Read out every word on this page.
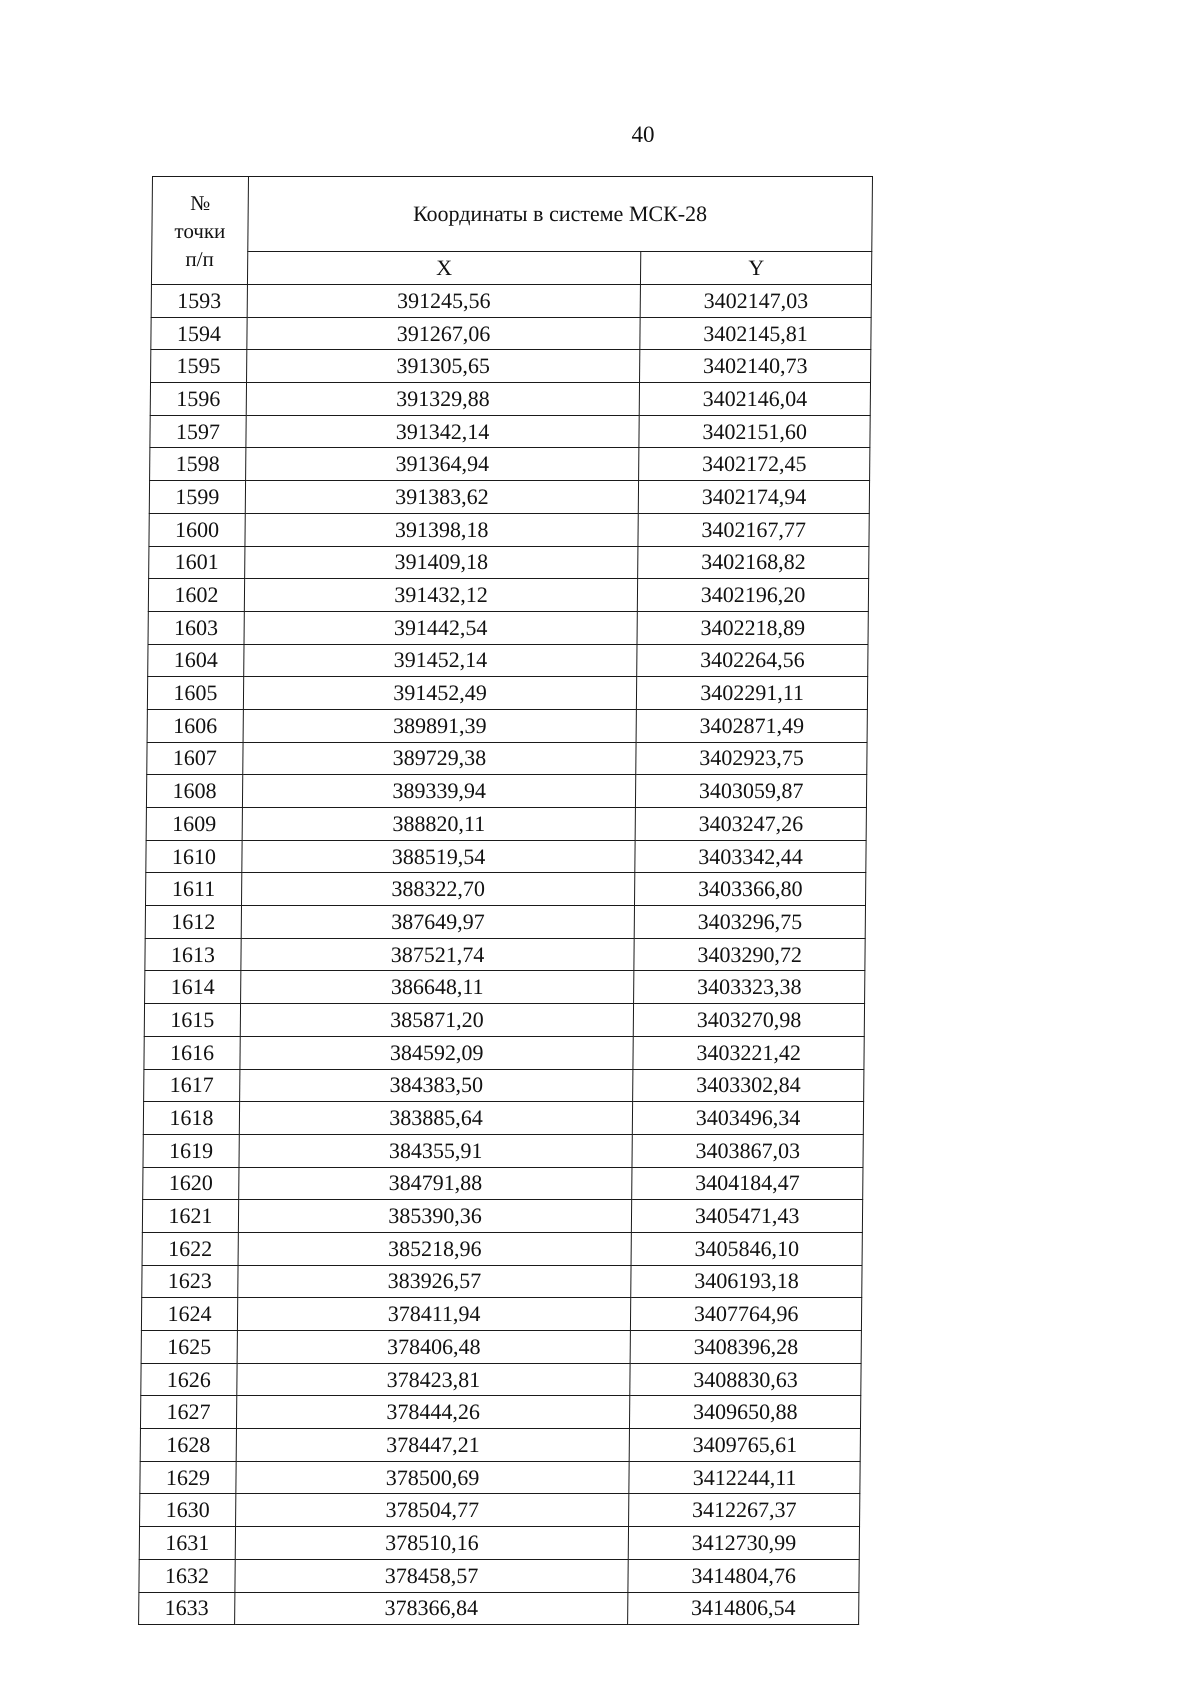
40
№
точки
п/п	Координаты в системе МСК-28	
	X	Y
1593	391245,56	3402147,03
1594	391267,06	3402145,81
1595	391305,65	3402140,73
1596	391329,88	3402146,04
1597	391342,14	3402151,60
1598	391364,94	3402172,45
1599	391383,62	3402174,94
1600	391398,18	3402167,77
1601	391409,18	3402168,82
1602	391432,12	3402196,20
1603	391442,54	3402218,89
1604	391452,14	3402264,56
1605	391452,49	3402291,11
1606	389891,39	3402871,49
1607	389729,38	3402923,75
1608	389339,94	3403059,87
1609	388820,11	3403247,26
1610	388519,54	3403342,44
1611	388322,70	3403366,80
1612	387649,97	3403296,75
1613	387521,74	3403290,72
1614	386648,11	3403323,38
1615	385871,20	3403270,98
1616	384592,09	3403221,42
1617	384383,50	3403302,84
1618	383885,64	3403496,34
1619	384355,91	3403867,03
1620	384791,88	3404184,47
1621	385390,36	3405471,43
1622	385218,96	3405846,10
1623	383926,57	3406193,18
1624	378411,94	3407764,96
1625	378406,48	3408396,28
1626	378423,81	3408830,63
1627	378444,26	3409650,88
1628	378447,21	3409765,61
1629	378500,69	3412244,11
1630	378504,77	3412267,37
1631	378510,16	3412730,99
1632	378458,57	3414804,76
1633	378366,84	3414806,54
